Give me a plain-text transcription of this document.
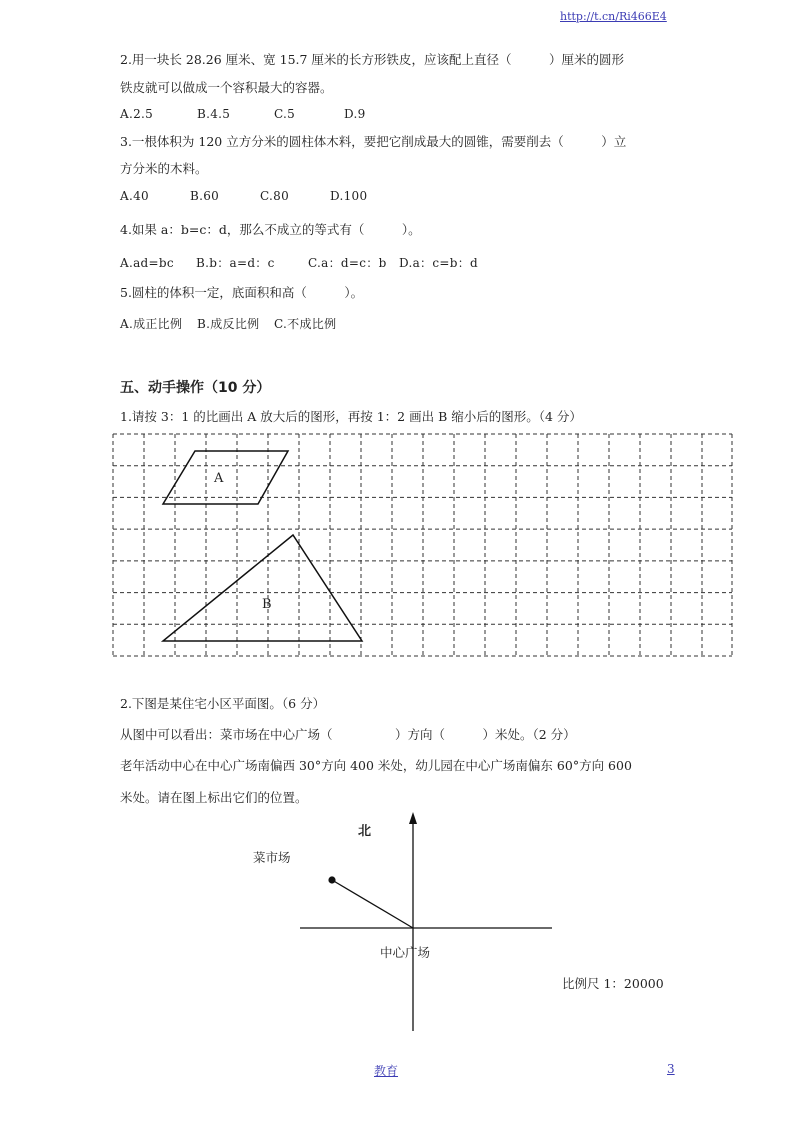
http://t.cn/Ri466E4
2.用一块长 28.26 厘米、宽 15.7 厘米的长方形铁皮，应该配上直径（　　　）厘米的圆形
铁皮就可以做成一个容积最大的容器。
A.2.5	B.4.5	C.5	D.9
3.一根体积为 120 立方分米的圆柱体木料，要把它削成最大的圆锥，需要削去（　　　）立
方分米的木料。
A.40	B.60	C.80	D.100
4.如果 a：b=c：d，那么不成立的等式有（　　　）。
A.ad=bc B.b：a=d：c	C.a：d=c：b D.a：c=b：d
5.圆柱的体积一定，底面积和高（　　　）。
A.成正比例 B.成反比例 C.不成比例
五、动手操作（10 分）
1.请按 3：1 的比画出 A 放大后的图形，再按 1：2 画出 B 缩小后的图形。（4 分）
A
B
2.下图是某住宅小区平面图。（6 分）
从图中可以看出：菜市场在中心广场（　　　　　）方向（　　　）米处。（2 分）
老年活动中心在中心广场南偏西 30°方向 400 米处，幼儿园在中心广场南偏东 60°方向 600
米处。请在图上标出它们的位置。
北
菜市场
中心广场
比例尺 1：20000
教育	3
